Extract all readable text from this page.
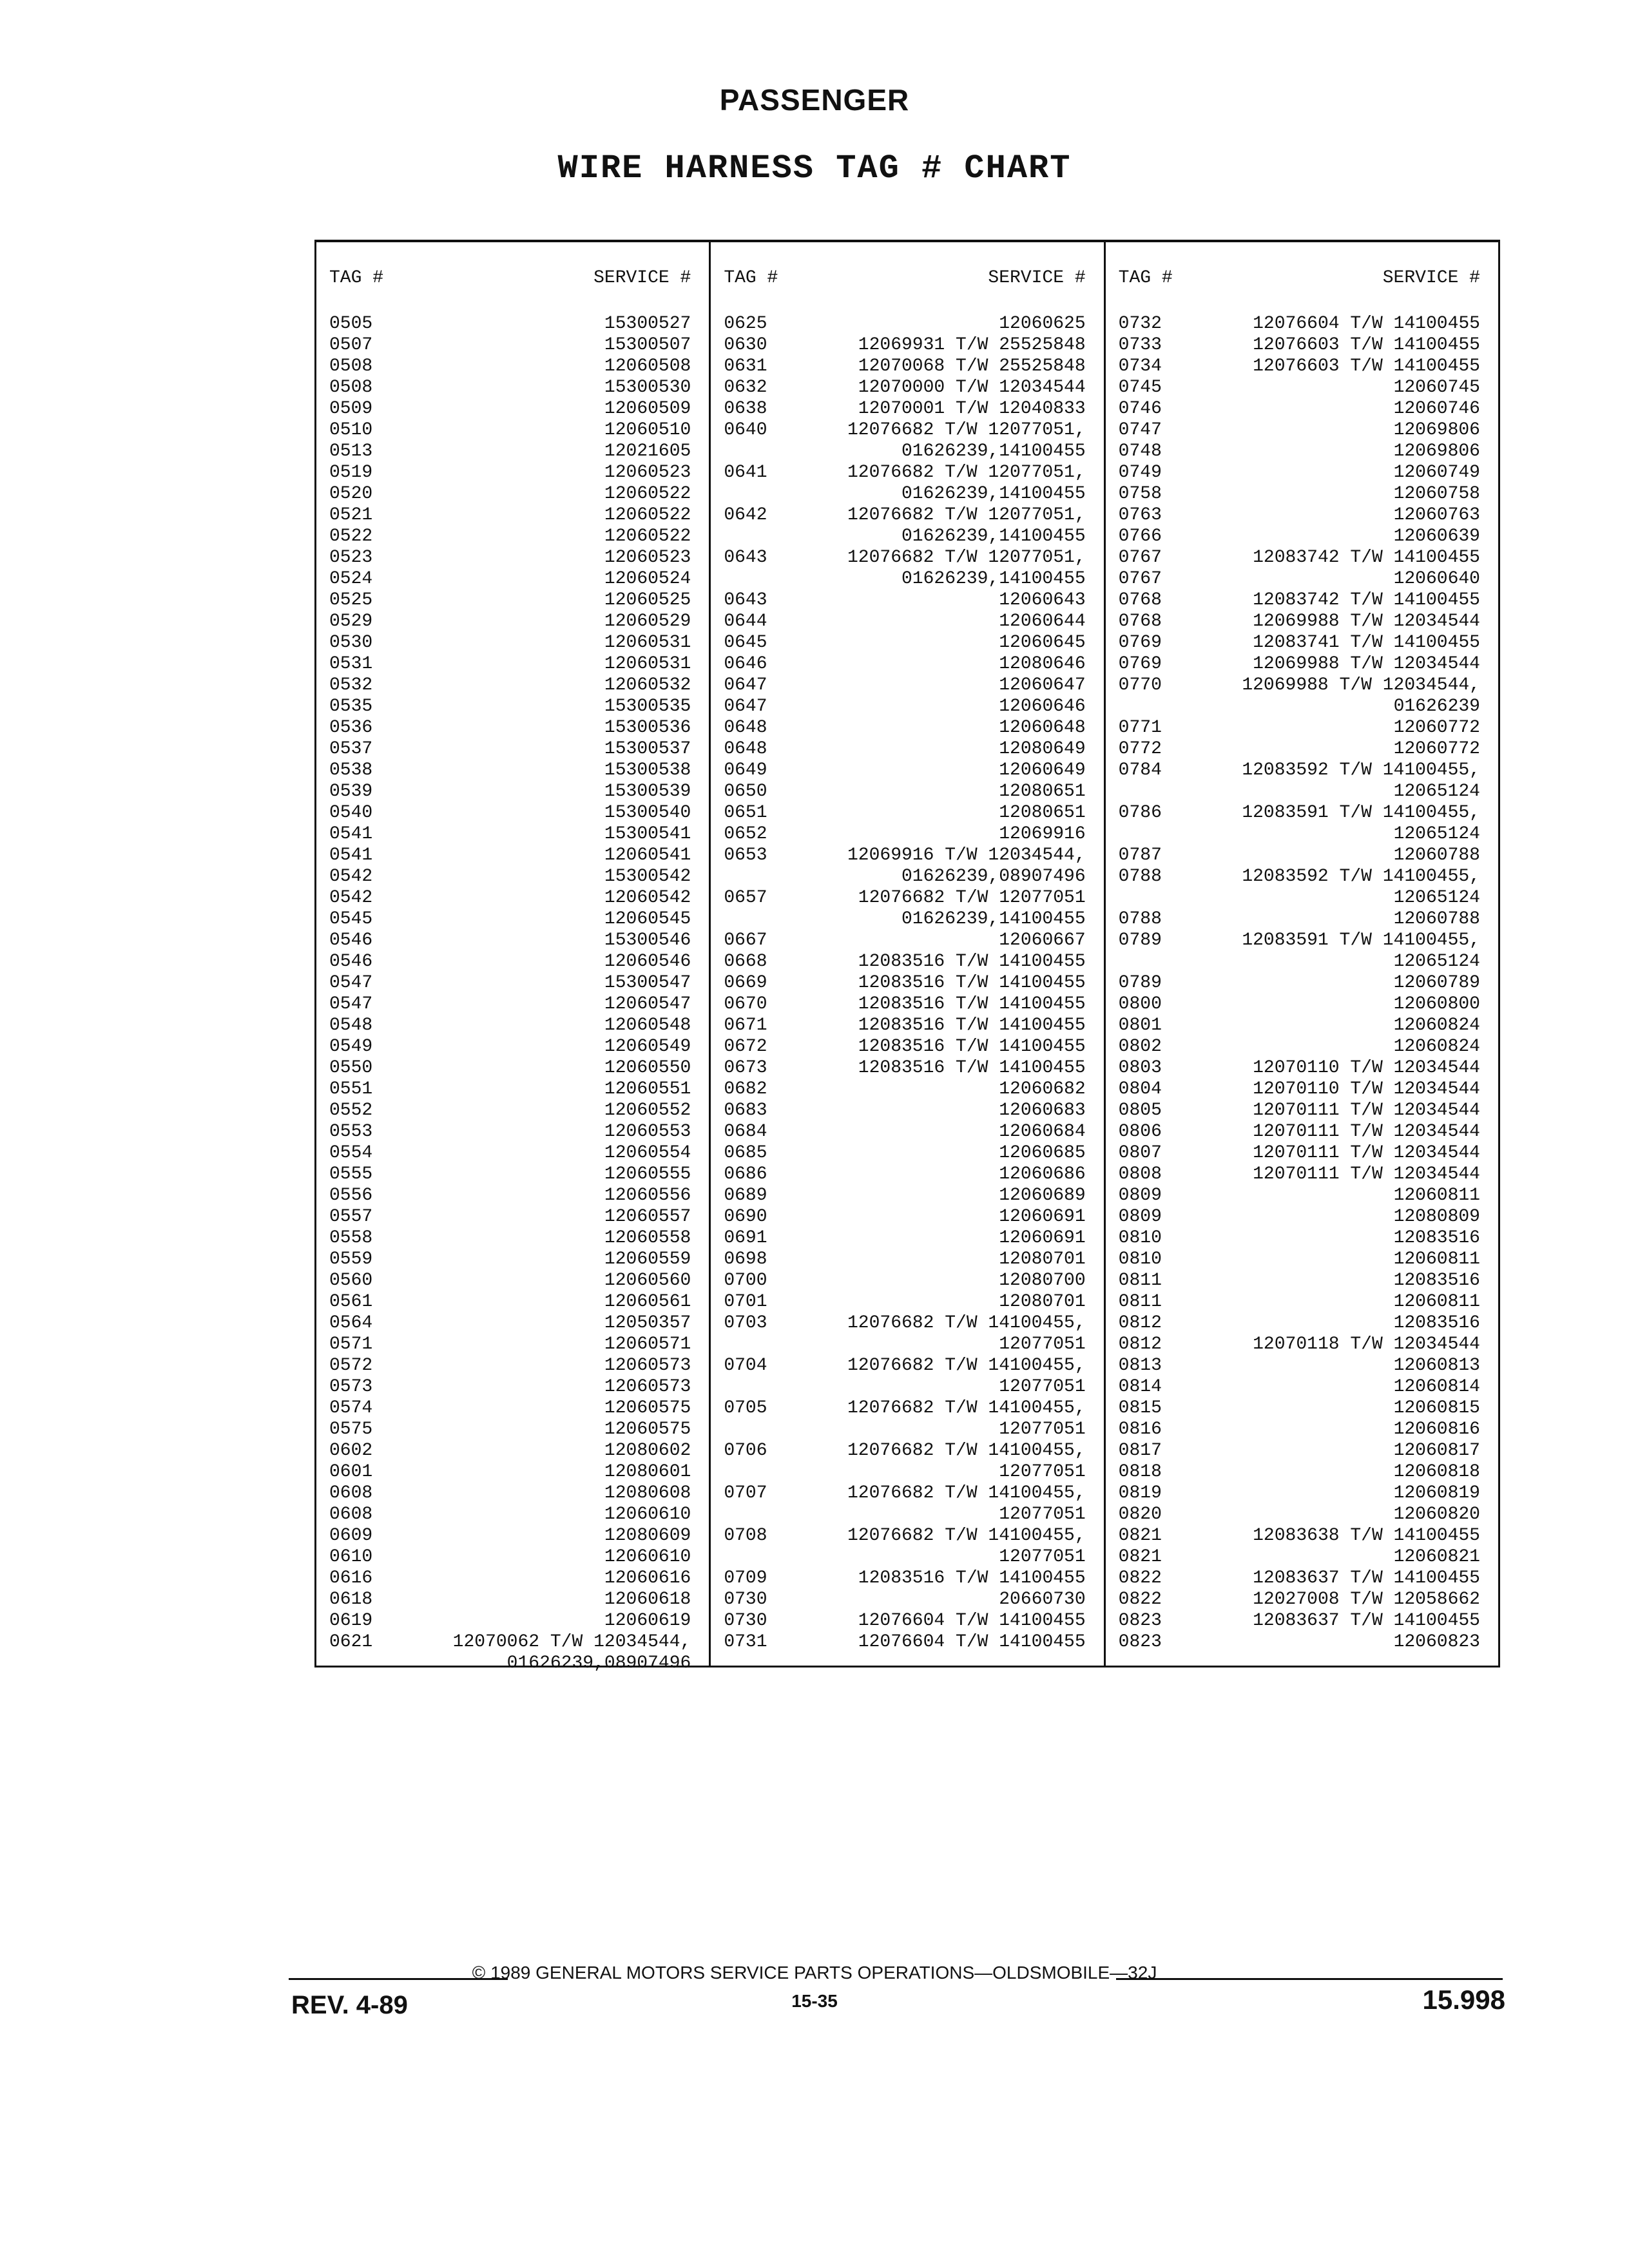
PASSENGER
WIRE HARNESS TAG # CHART
TAG #	SERVICE #
0505	15300527
0507	15300507
0508	12060508
0508	15300530
0509	12060509
0510	12060510
0513	12021605
0519	12060523
0520	12060522
0521	12060522
0522	12060522
0523	12060523
0524	12060524
0525	12060525
0529	12060529
0530	12060531
0531	12060531
0532	12060532
0535	15300535
0536	15300536
0537	15300537
0538	15300538
0539	15300539
0540	15300540
0541	15300541
0541	12060541
0542	15300542
0542	12060542
0545	12060545
0546	15300546
0546	12060546
0547	15300547
0547	12060547
0548	12060548
0549	12060549
0550	12060550
0551	12060551
0552	12060552
0553	12060553
0554	12060554
0555	12060555
0556	12060556
0557	12060557
0558	12060558
0559	12060559
0560	12060560
0561	12060561
0564	12050357
0571	12060571
0572	12060573
0573	12060573
0574	12060575
0575	12060575
0602	12080602
0601	12080601
0608	12080608
0608	12060610
0609	12080609
0610	12060610
0616	12060616
0618	12060618
0619	12060619
0621	12070062 T/W 12034544,
01626239,08907496
TAG #	SERVICE #
0625	12060625
0630	12069931 T/W 25525848
0631	12070068 T/W 25525848
0632	12070000 T/W 12034544
0638	12070001 T/W 12040833
0640	12076682 T/W 12077051,
01626239,14100455
0641	12076682 T/W 12077051,
01626239,14100455
0642	12076682 T/W 12077051,
01626239,14100455
0643	12076682 T/W 12077051,
01626239,14100455
0643	12060643
0644	12060644
0645	12060645
0646	12080646
0647	12060647
0647	12060646
0648	12060648
0648	12080649
0649	12060649
0650	12080651
0651	12080651
0652	12069916
0653	12069916 T/W 12034544,
01626239,08907496
0657	12076682 T/W 12077051
01626239,14100455
0667	12060667
0668	12083516 T/W 14100455
0669	12083516 T/W 14100455
0670	12083516 T/W 14100455
0671	12083516 T/W 14100455
0672	12083516 T/W 14100455
0673	12083516 T/W 14100455
0682	12060682
0683	12060683
0684	12060684
0685	12060685
0686	12060686
0689	12060689
0690	12060691
0691	12060691
0698	12080701
0700	12080700
0701	12080701
0703	12076682 T/W 14100455,
12077051
0704	12076682 T/W 14100455,
12077051
0705	12076682 T/W 14100455,
12077051
0706	12076682 T/W 14100455,
12077051
0707	12076682 T/W 14100455,
12077051
0708	12076682 T/W 14100455,
12077051
0709	12083516 T/W 14100455
0730	20660730
0730	12076604 T/W 14100455
0731	12076604 T/W 14100455
TAG #	SERVICE #
0732	12076604 T/W 14100455
0733	12076603 T/W 14100455
0734	12076603 T/W 14100455
0745	12060745
0746	12060746
0747	12069806
0748	12069806
0749	12060749
0758	12060758
0763	12060763
0766	12060639
0767	12083742 T/W 14100455
0767	12060640
0768	12083742 T/W 14100455
0768	12069988 T/W 12034544
0769	12083741 T/W 14100455
0769	12069988 T/W 12034544
0770	12069988 T/W 12034544,
01626239
0771	12060772
0772	12060772
0784	12083592 T/W 14100455,
12065124
0786	12083591 T/W 14100455,
12065124
0787	12060788
0788	12083592 T/W 14100455,
12065124
0788	12060788
0789	12083591 T/W 14100455,
12065124
0789	12060789
0800	12060800
0801	12060824
0802	12060824
0803	12070110 T/W 12034544
0804	12070110 T/W 12034544
0805	12070111 T/W 12034544
0806	12070111 T/W 12034544
0807	12070111 T/W 12034544
0808	12070111 T/W 12034544
0809	12060811
0809	12080809
0810	12083516
0810	12060811
0811	12083516
0811	12060811
0812	12083516
0812	12070118 T/W 12034544
0813	12060813
0814	12060814
0815	12060815
0816	12060816
0817	12060817
0818	12060818
0819	12060819
0820	12060820
0821	12083638 T/W 14100455
0821	12060821
0822	12083637 T/W 14100455
0822	12027008 T/W 12058662
0823	12083637 T/W 14100455
0823	12060823
© 1989 GENERAL MOTORS SERVICE PARTS OPERATIONS—OLDSMOBILE—32J
15-35
REV. 4-89	15.998
